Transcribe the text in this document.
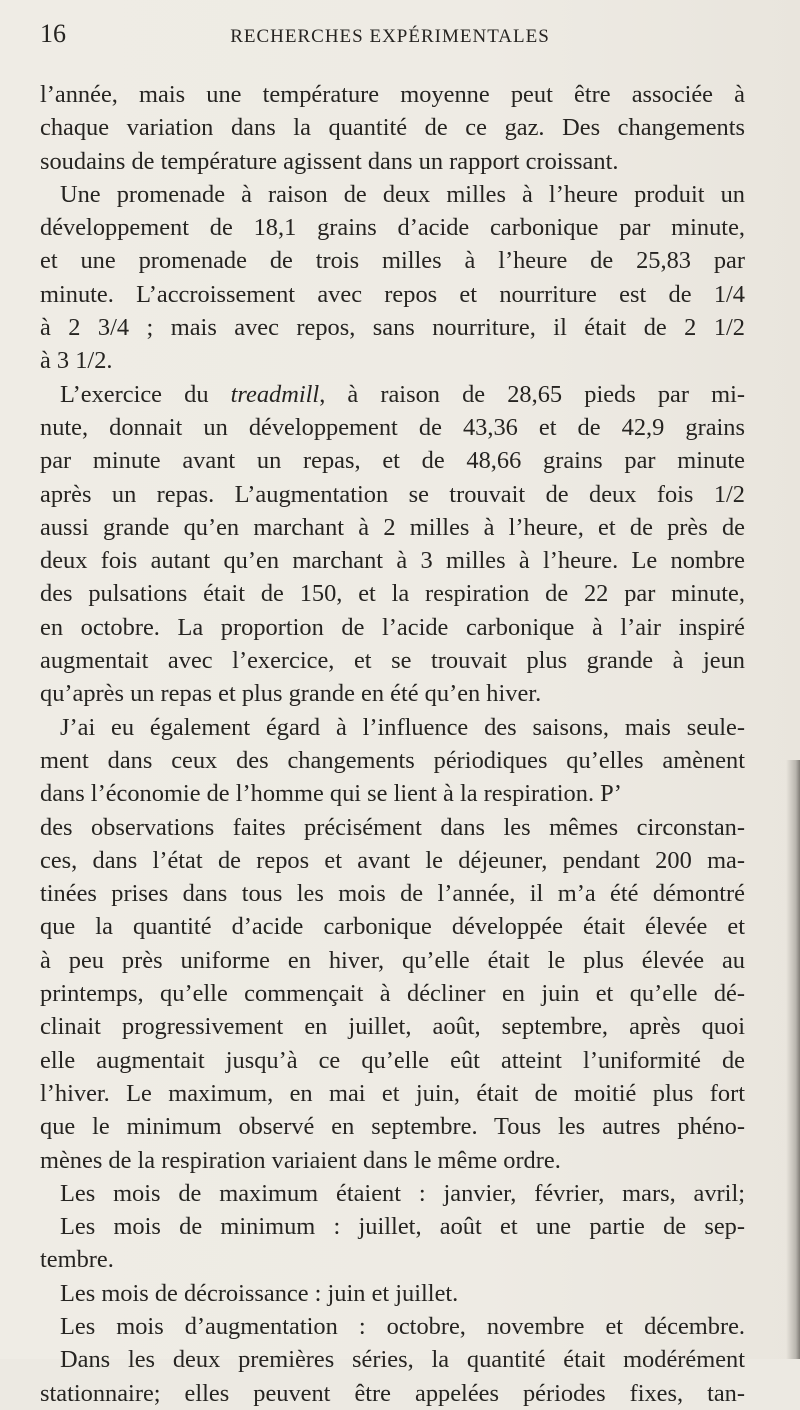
16	RECHERCHES EXPÉRIMENTALES
l’année, mais une température moyenne peut être associée à
chaque variation dans la quantité de ce gaz. Des changements
soudains de température agissent dans un rapport croissant.
Une promenade à raison de deux milles à l’heure produit un
développement de 18,1 grains d’acide carbonique par minute,
et une promenade de trois milles à l’heure de 25,83 par
minute. L’accroissement avec repos et nourriture est de 1/4
à 2 3/4 ; mais avec repos, sans nourriture, il était de 2 1/2
à 3 1/2.
L’exercice du treadmill, à raison de 28,65 pieds par mi-
nute, donnait un développement de 43,36 et de 42,9 grains
par minute avant un repas, et de 48,66 grains par minute
après un repas. L’augmentation se trouvait de deux fois 1/2
aussi grande qu’en marchant à 2 milles à l’heure, et de près de
deux fois autant qu’en marchant à 3 milles à l’heure. Le nombre
des pulsations était de 150, et la respiration de 22 par minute,
en octobre. La proportion de l’acide carbonique à l’air inspiré
augmentait avec l’exercice, et se trouvait plus grande à jeun
qu’après un repas et plus grande en été qu’en hiver.
J’ai eu également égard à l’influence des saisons, mais seule-
ment dans ceux des changements périodiques qu’elles amènent
dans l’économie de l’homme qui se lient à la respiration. P’
des observations faites précisément dans les mêmes circonstan-
ces, dans l’état de repos et avant le déjeuner, pendant 200 ma-
tinées prises dans tous les mois de l’année, il m’a été démontré
que la quantité d’acide carbonique développée était élevée et
à peu près uniforme en hiver, qu’elle était le plus élevée au
printemps, qu’elle commençait à décliner en juin et qu’elle dé-
clinait progressivement en juillet, août, septembre, après quoi
elle augmentait jusqu’à ce qu’elle eût atteint l’uniformité de
l’hiver. Le maximum, en mai et juin, était de moitié plus fort
que le minimum observé en septembre. Tous les autres phéno-
mènes de la respiration variaient dans le même ordre.
Les mois de maximum étaient : janvier, février, mars, avril;
Les mois de minimum : juillet, août et une partie de sep-
tembre.
Les mois de décroissance : juin et juillet.
Les mois d’augmentation : octobre, novembre et décembre.
Dans les deux premières séries, la quantité était modérément
stationnaire; elles peuvent être appelées périodes fixes, tan-
